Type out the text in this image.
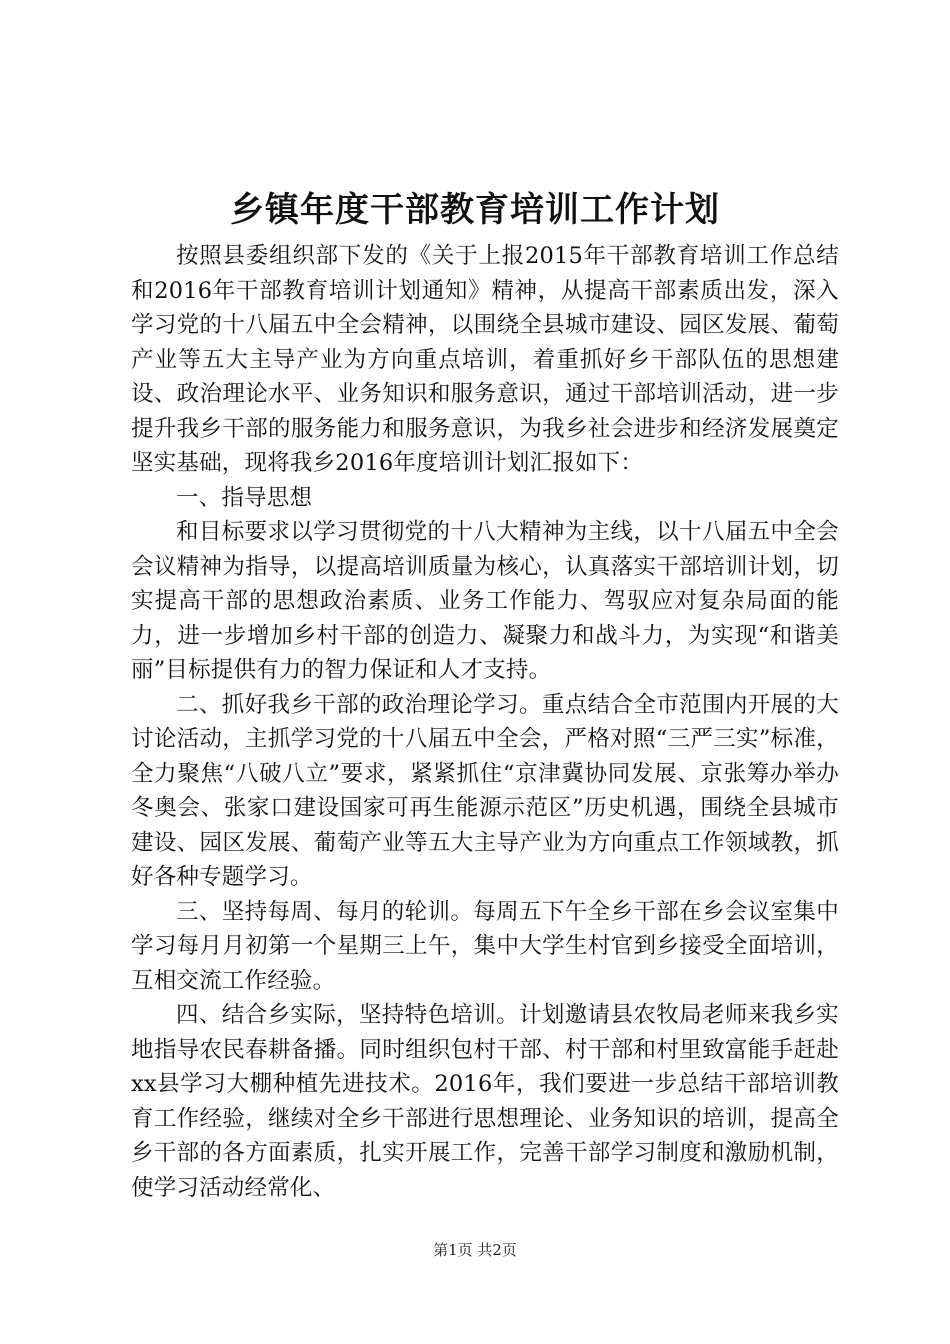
乡镇年度干部教育培训工作计划

按照县委组织部下发的《关于上报2015年干部教育培训工作总结和2016年干部教育培训计划通知》精神，从提高干部素质出发，深入学习党的十八届五中全会精神，以围绕全县城市建设、园区发展、葡萄产业等五大主导产业为方向重点培训，着重抓好乡干部队伍的思想建设、政治理论水平、业务知识和服务意识，通过干部培训活动，进一步提升我乡干部的服务能力和服务意识，为我乡社会进步和经济发展奠定坚实基础，现将我乡2016年度培训计划汇报如下：

一、指导思想

和目标要求以学习贯彻党的十八大精神为主线，以十八届五中全会会议精神为指导，以提高培训质量为核心，认真落实干部培训计划，切实提高干部的思想政治素质、业务工作能力、驾驭应对复杂局面的能力，进一步增加乡村干部的创造力、凝聚力和战斗力，为实现“和谐美丽”目标提供有力的智力保证和人才支持。

二、抓好我乡干部的政治理论学习。重点结合全市范围内开展的大讨论活动，主抓学习党的十八届五中全会，严格对照“三严三实”标准，全力聚焦“八破八立”要求，紧紧抓住“京津冀协同发展、京张筹办举办冬奥会、张家口建设国家可再生能源示范区”历史机遇，围绕全县城市建设、园区发展、葡萄产业等五大主导产业为方向重点工作领域教，抓好各种专题学习。

三、坚持每周、每月的轮训。每周五下午全乡干部在乡会议室集中学习每月月初第一个星期三上午，集中大学生村官到乡接受全面培训，互相交流工作经验。

四、结合乡实际，坚持特色培训。计划邀请县农牧局老师来我乡实地指导农民春耕备播。同时组织包村干部、村干部和村里致富能手赶赴xx县学习大棚种植先进技术。2016年，我们要进一步总结干部培训教育工作经验，继续对全乡干部进行思想理论、业务知识的培训，提高全乡干部的各方面素质，扎实开展工作，完善干部学习制度和激励机制，使学习活动经常化、

第1页 共2页
